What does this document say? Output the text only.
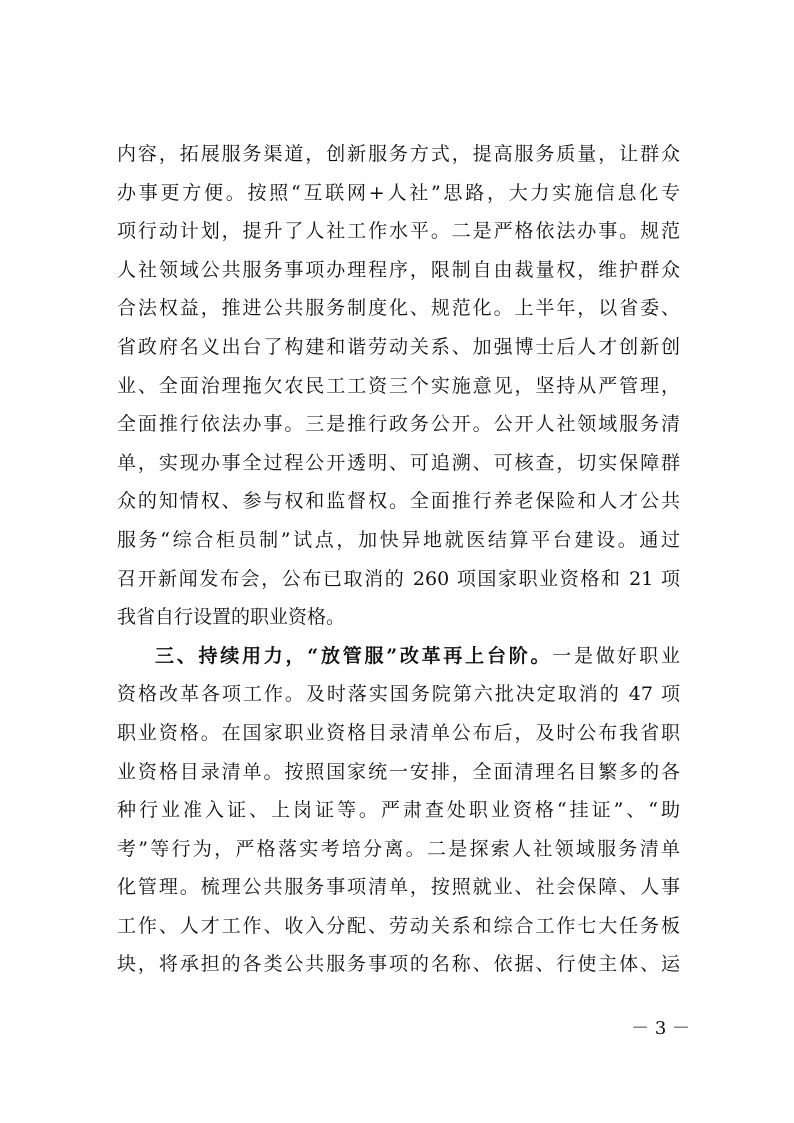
内容，拓展服务渠道，创新服务方式，提高服务质量，让群众
办事更方便。按照“互联网+人社”思路，大力实施信息化专
项行动计划，提升了人社工作水平。二是严格依法办事。规范
人社领域公共服务事项办理程序，限制自由裁量权，维护群众
合法权益，推进公共服务制度化、规范化。上半年，以省委、
省政府名义出台了构建和谐劳动关系、加强博士后人才创新创
业、全面治理拖欠农民工工资三个实施意见，坚持从严管理，
全面推行依法办事。三是推行政务公开。公开人社领域服务清
单，实现办事全过程公开透明、可追溯、可核查，切实保障群
众的知情权、参与权和监督权。全面推行养老保险和人才公共
服务“综合柜员制”试点，加快异地就医结算平台建设。通过
召开新闻发布会，公布已取消的 260 项国家职业资格和 21 项
我省自行设置的职业资格。
三、持续用力，“放管服”改革再上台阶。一是做好职业
资格改革各项工作。及时落实国务院第六批决定取消的 47 项
职业资格。在国家职业资格目录清单公布后，及时公布我省职
业资格目录清单。按照国家统一安排，全面清理名目繁多的各
种行业准入证、上岗证等。严肃查处职业资格“挂证”、“助
考”等行为，严格落实考培分离。二是探索人社领域服务清单
化管理。梳理公共服务事项清单，按照就业、社会保障、人事
工作、人才工作、收入分配、劳动关系和综合工作七大任务板
块，将承担的各类公共服务事项的名称、依据、行使主体、运
－ 3 －
